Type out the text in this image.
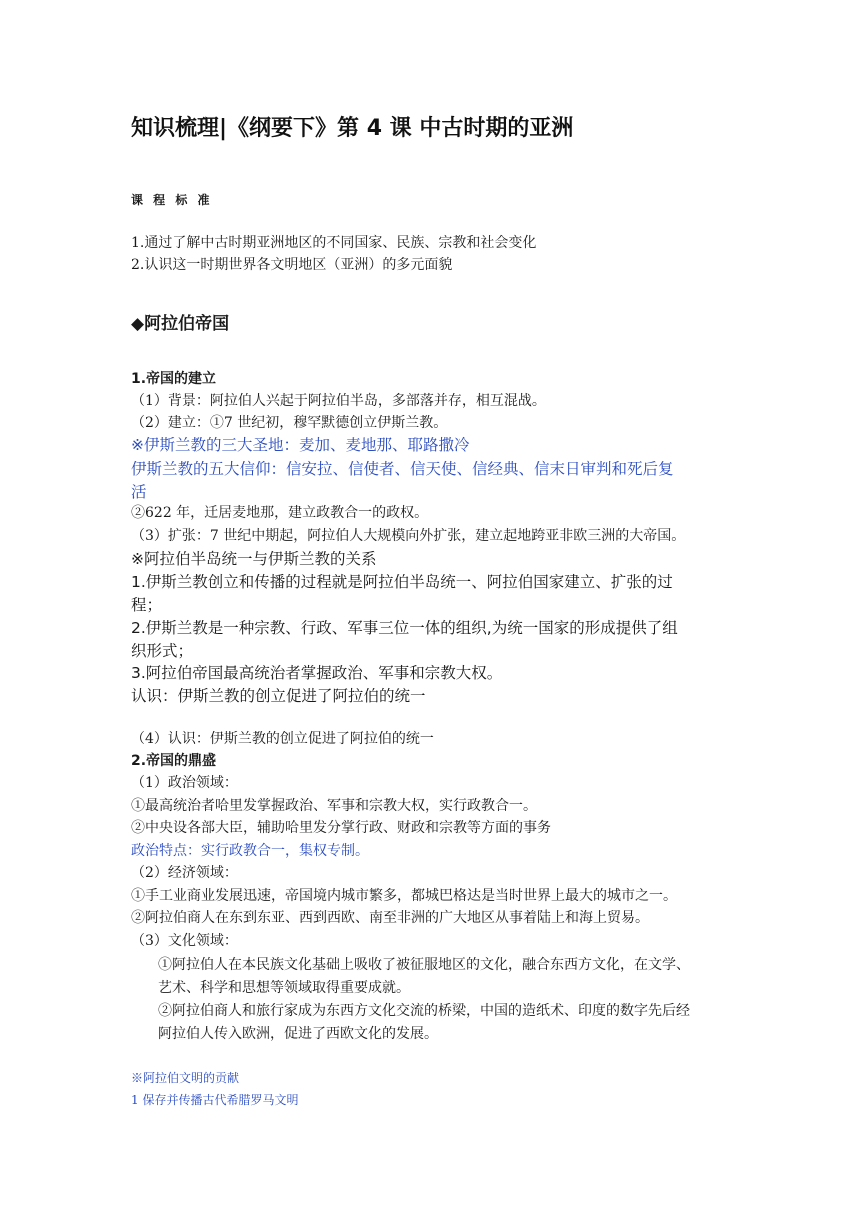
知识梳理|《纲要下》第 4 课 中古时期的亚洲
课 程 标 准
1.通过了解中古时期亚洲地区的不同国家、民族、宗教和社会变化
2.认识这一时期世界各文明地区（亚洲）的多元面貌
◆阿拉伯帝国
1.帝国的建立
（1）背景：阿拉伯人兴起于阿拉伯半岛，多部落并存，相互混战。
（2）建立：①7 世纪初，穆罕默德创立伊斯兰教。
※伊斯兰教的三大圣地：麦加、麦地那、耶路撒冷
伊斯兰教的五大信仰：信安拉、信使者、信天使、信经典、信末日审判和死后复
活
②622 年，迁居麦地那，建立政教合一的政权。
（3）扩张：7 世纪中期起，阿拉伯人大规模向外扩张，建立起地跨亚非欧三洲的大帝国。
※阿拉伯半岛统一与伊斯兰教的关系
1.伊斯兰教创立和传播的过程就是阿拉伯半岛统一、阿拉伯国家建立、扩张的过
程；
2.伊斯兰教是一种宗教、行政、军事三位一体的组织,为统一国家的形成提供了组
织形式；
3.阿拉伯帝国最高统治者掌握政治、军事和宗教大权。
认识：伊斯兰教的创立促进了阿拉伯的统一
（4）认识：伊斯兰教的创立促进了阿拉伯的统一
2.帝国的鼎盛
（1）政治领域：
①最高统治者哈里发掌握政治、军事和宗教大权，实行政教合一。
②中央设各部大臣，辅助哈里发分掌行政、财政和宗教等方面的事务
政治特点：实行政教合一，集权专制。
（2）经济领域：
①手工业商业发展迅速，帝国境内城市繁多，都城巴格达是当时世界上最大的城市之一。
②阿拉伯商人在东到东亚、西到西欧、南至非洲的广大地区从事着陆上和海上贸易。
（3）文化领域：
①阿拉伯人在本民族文化基础上吸收了被征服地区的文化，融合东西方文化，在文学、
艺术、科学和思想等领域取得重要成就。
②阿拉伯商人和旅行家成为东西方文化交流的桥梁，中国的造纸术、印度的数字先后经
阿拉伯人传入欧洲，促进了西欧文化的发展。
※阿拉伯文明的贡献
1 保存并传播古代希腊罗马文明
